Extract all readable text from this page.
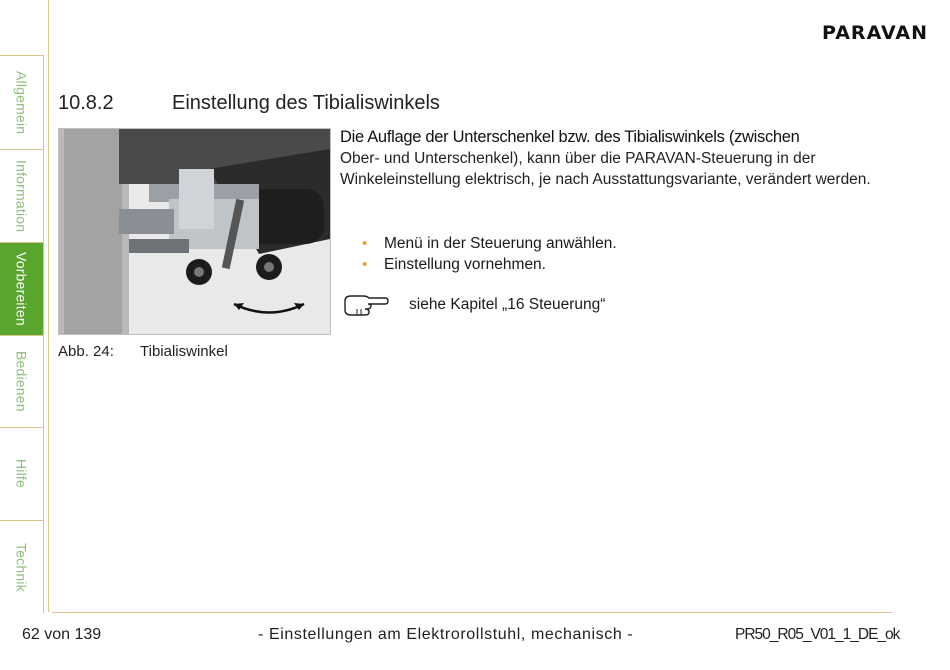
PARAVAN
Allgemein
Information
Vorbereiten
Bedienen
Hilfe
Technik
10.8.2	Einstellung des Tibialiswinkels
Abb. 24: Tibialiswinkel
Die Auflage der Unterschenkel bzw. des Tibialiswinkels (zwischen
Ober- und Unterschenkel), kann über die PARAVAN-Steuerung in der Winkeleinstellung elektrisch, je nach Ausstattungsvariante, verändert werden.
• Menü in der Steuerung anwählen.
• Einstellung vornehmen.
siehe Kapitel „16 Steuerung“
62 von 139	- Einstellungen am Elektrorollstuhl, mechanisch -	PR50_R05_V01_1_DE_ok
